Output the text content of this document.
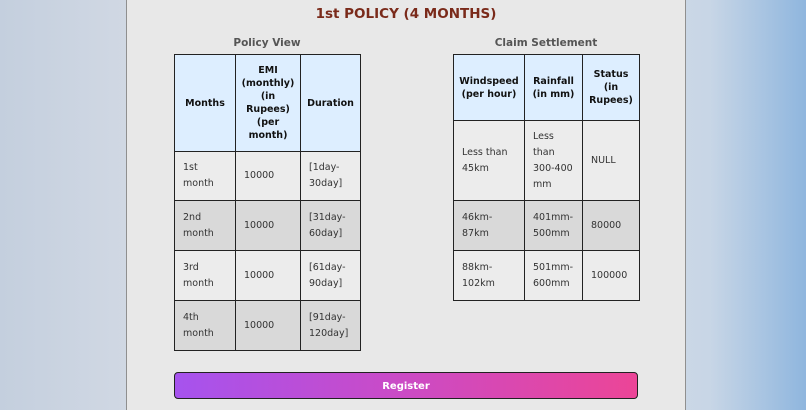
1st POLICY (4 MONTHS)
Policy View
Months	EMI (monthly) (in Rupees) (per month)	Duration
1st month	10000	[1day-30day]
2nd month	10000	[31day-60day]
3rd month	10000	[61day-90day]
4th month	10000	[91day-120day]
Claim Settlement
Windspeed (per hour)	Rainfall (in mm)	Status (in Rupees)
Less than 45km	Less than 300-400 mm	NULL
46km-87km	401mm-500mm	80000
88km-102km	501mm-600mm	100000
Register
